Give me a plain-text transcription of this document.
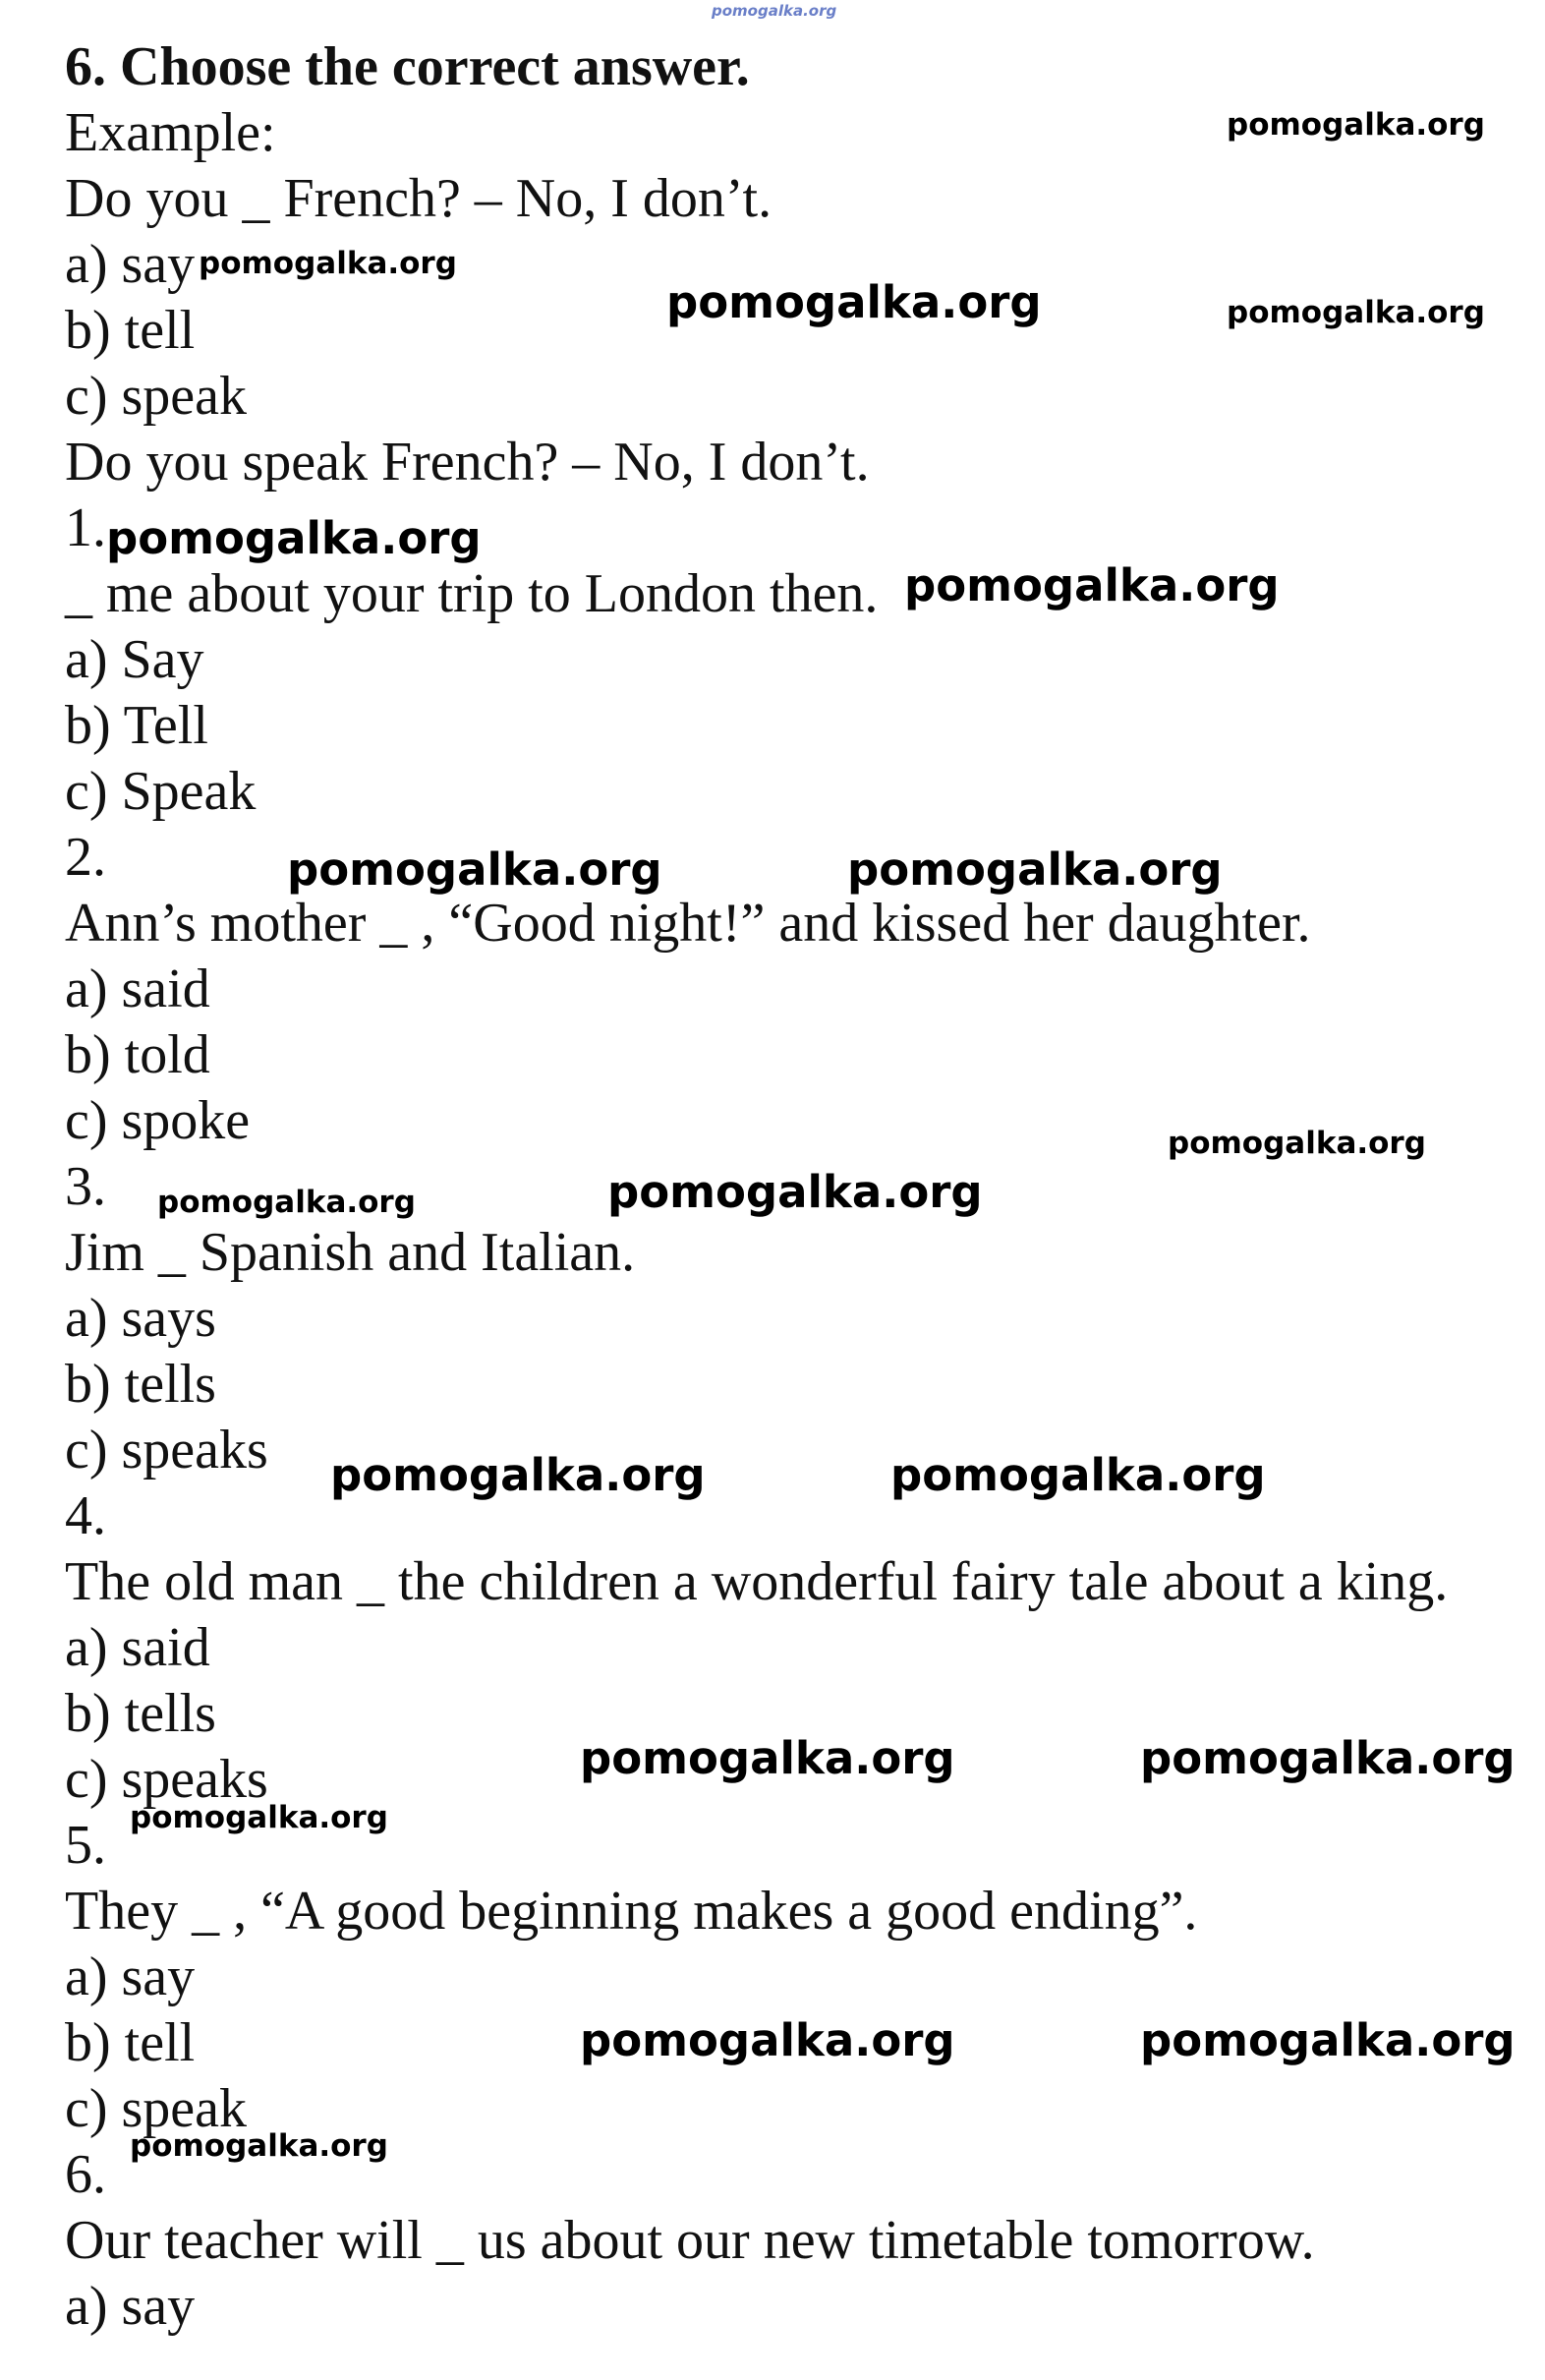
pomogalka.org
6. Choose the correct answer.
Example:
Do you _ French? – No, I don’t.
a) say
b) tell
c) speak
Do you speak French? – No, I don’t.
1.
_ me about your trip to London then.
a) Say
b) Tell
c) Speak
2.
Ann’s mother _ , “Good night!” and kissed her daughter.
a) said
b) told
c) spoke
3.
Jim _ Spanish and Italian.
a) says
b) tells
c) speaks
4.
The old man _ the children a wonderful fairy tale about a king.
a) said
b) tells
c) speaks
5.
They _ , “A good beginning makes a good ending”.
a) say
b) tell
c) speak
6.
Our teacher will _ us about our new timetable tomorrow.
a) say
pomogalka.org
pomogalka.org
pomogalka.org	pomogalka.org
pomogalka.org
pomogalka.org
pomogalka.org	pomogalka.org
pomogalka.org
pomogalka.org	pomogalka.org
pomogalka.org	pomogalka.org
pomogalka.org	pomogalka.org
pomogalka.org
pomogalka.org	pomogalka.org
pomogalka.org
